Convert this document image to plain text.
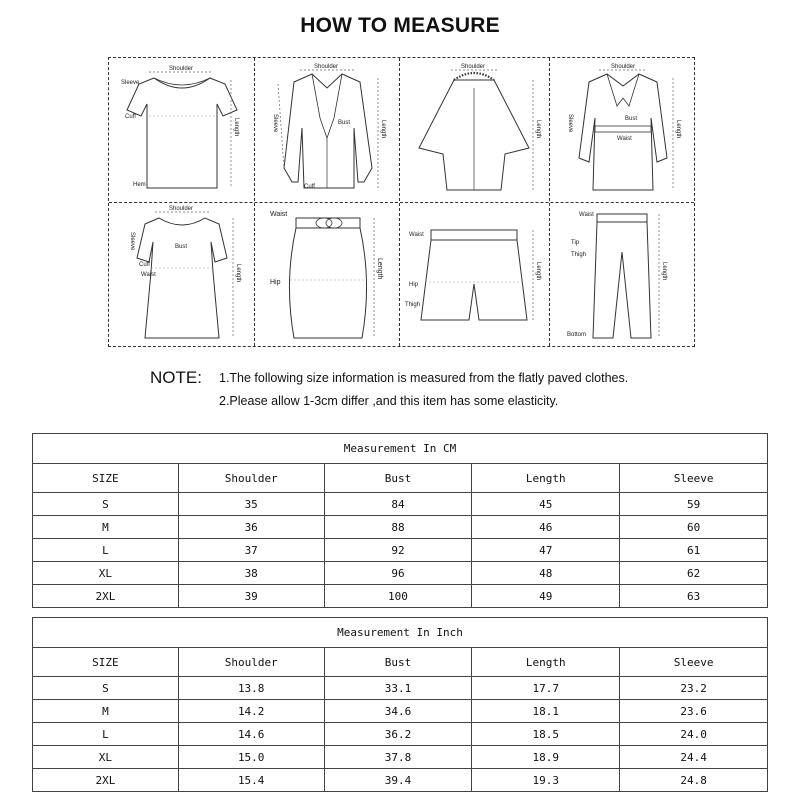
HOW TO MEASURE
Shoulder
Sleeve
Cuff
Hem
Length
Shoulder
Bust
Cuff
Sleeve	Length
Shoulder
Length
Shoulder
Bust
Waist
Sleeve	Length
Shoulder
Bust
Cuff
Waist
Sleeve
Length
Waist
Hip
Length
Waist
Hip
Thigh
Length
Waist
Tip
Thigh
Bottom
Length
NOTE: 1.The following size information is measured from the flatly paved clothes.
2.Please allow 1-3cm differ ,and this item has some elasticity.
Measurement In CM				
SIZE	Shoulder	Bust	Length	Sleeve
S	35	84	45	59
M	36	88	46	60
L	37	92	47	61
XL	38	96	48	62
2XL	39	100	49	63
Measurement In Inch				
SIZE	Shoulder	Bust	Length	Sleeve
S	13.8	33.1	17.7	23.2
M	14.2	34.6	18.1	23.6
L	14.6	36.2	18.5	24.0
XL	15.0	37.8	18.9	24.4
2XL	15.4	39.4	19.3	24.8
